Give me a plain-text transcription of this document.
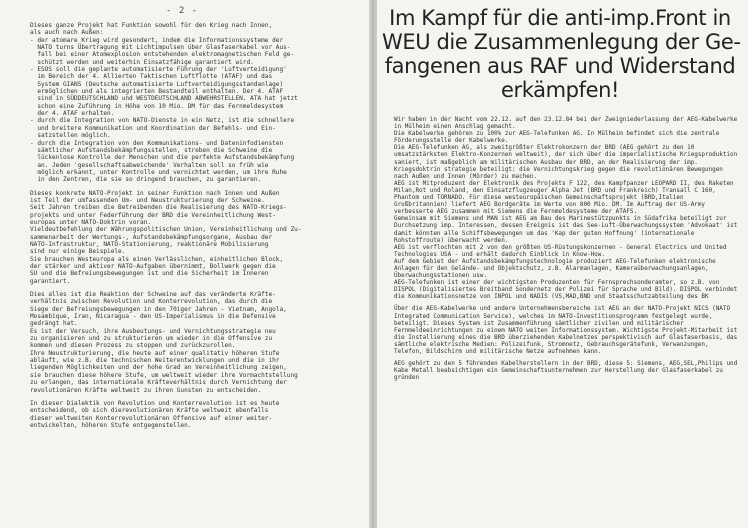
- 2 -
Dieses ganze Projekt hat Funktion sowohl für den Krieg nach Innen,
als auch nach Außen:
- der atomare Krieg wird gesondert, indem die Informationssysteme der
NATO turns Übertragung mit Lichtimpulsen über Glasfaserkabel vor Aus-
fall bei einer Atomexplosion entstehenden elektromagnetischen Feld ge-
schützt werden und weiterhin Einsatzfähige garantiert wird.
- ESOS soll die geplante automatisierte Führung der 'Luftverteidigung'
im Bereich der 4. Allierten Taktischen Luftflotte (ATAF) und das
System GIANS (Deutsche automatisierte Luftverteidigungsstandanlage)
ermöglichen und als integrierten Bestandteil enthalten. Der 4. ATAF
sind in SÜDDEUTSCHLAND und WESTDEUTSCHLAND ABWEHRSTELLEN. ATA hat jetzt
schon eine Zuführung in Höhe von 10 Mio. DM für das Fernmeldesystem
der 4. ATAF erhalten.
- durch die Integration von NATO-Dienste in ein Netz, ist die schnellere
und breitere Kommunikation und Koordination der Befehls- und Ein-
satzstellen möglich.
- durch die Integration von den Kommunikations- und Dateninfodiensten
sämtlicher Aufstandsbekämpfungsstellen, streben die Schweine die
lückenlose Kontrolle der Menschen und die perfekte Aufstandsbekämpfung
an. Jeden 'gesellschaftsabweichende' Verhalten soll so früh wie
möglich erkannt, unter Kontrolle und vernichtet werden, um ihre Ruhe
in den Zentren, die sie so dringend brauchen, zu garantieren.
Dieses konkrete NATO-Projekt in seiner Funktion nach Innen und Außen
ist Teil der umfassenden Um- und Neustrukturierung der Schweine.
Seit Jahren treiben die Betreibenden die Realisierung des NATO-Kriegs-
projekts und unter Federführung der BRD die Vereinheitlichung West-
europas unter NATO-Doktrin voran.
Vieldeutbefehlung der Währungspolitischen Union, Vereinheitlichung und Zu-
sammenarbeit der Wertungs-, Aufstandsbekämpfungsorgane, Ausbau der
NATO-Infrastruktur, NATO-Stationierung, reaktionäre Mobilisierung
sind nur einige Beispiele.
Sie brauchen Westeuropa als einen Verlässlichen, einheitlichen Block,
der stärker und aktiver NATO-Aufgaben übernimmt, Bollwerk gegen die
SU und die Befreiungsbewegungen ist und die Sicherheit im Inneren
garantiert.
Dies alles ist die Reaktion der Schweine auf das veränderte Kräfte-
verhältnis zwischen Revolution und Konterrevolution, das durch die
Siege der Befreiungsbewegungen in den 70iger Jahren - Vietnam, Angola,
Mosambique, Iran, Nicaragua - den US-Imperialismus in die Defensive
gedrängt hat.
Es ist der Versuch, ihre Ausbeutungs- und Vernichtungsstrategie neu
zu organisieren und zu strukturieren um wieder in die Offensive zu
kommen und diesen Prozess zu stoppen und zurückzurollen.
Ihre Neustrukturierung, die heute auf einer qualitativ höheren Stufe
abläuft, wie z.B. die technischen Weiterentwicklungen und die in ihr
liegenden Möglichkeiten und der hohe Grad an Vereinheitlichung zeigen,
sie brauchen diese höhere Stufe, um weltweit wieder ihre Vormachtstellung
zu erlangen, das internationale Kräfteverhältnis durch Vernichtung der
revolutionären Kräfte weltweit zu ihren Gunsten zu entscheiden.
In dieser Dialektik von Revolution und Konterrevolution ist es heute
entscheidend, ob sich dierevolutionären Kräfte weltweit ebenfalls
dieser weltweiten Konterrevolutionären Offensive auf einer weiter-
entwickelten, höheren Stufe entgegenstellen.
Im Kampf für die anti-imp.Front in
WEU die Zusammenlegung der Ge-
fangenen aus RAF und Widerstand
erkämpfen!
Wir haben in der Nacht vom 22.12. auf den 23.12.84 bei der Zweigniederlassung der AEG-Kabelwerke in Mülheim einen Anschlag gemacht.
Die Kabelwerke gehören zu 100% zur AEG-Telefunken AG. In Mülheim befindet sich die zentrale Förderungsstelle der Kabelwerke.
Die AEG-Telefunken AG, als zweitgrößter Elektrokonzern der BRD (AEG gehört zu den 10 umsatzstärksten Elektro-Konzernen weltweit), der sich über die imperialistische Kriegsproduktion saniert, ist maßgeblich am militärischen Ausbau der BRD, an der Realisierung der imp. Kriegsdoktrin strategie beteiligt: die Vernichtungskrieg gegen die revolutionären Bewegungen nach Außen und Innen (Mörder) zu machen.
AEG ist Mitproduzent der Elektronik des Projekts F 122, des Kampfpanzer LEOPARD II, des Raketen Milan,Rot und Roland, den Einsatzflugzeuger Alpha Jet (BRD und Frankreich) Transall C 160, Phantom und TORNADO. Für diese westeuropäischen Gemeinschaftsprojekt (BRD,Italien Großbritannien) liefert AEG Bordgeräte im Werte von 800 Mio. DM. Im Auftrag der US-Army verbesserte AEG zusammen mit Siemens die Fernmeldesysteme der ATAFS.
Gemeinsam mit Siemens und MAN ist AEG am Bau des Marinestützpunkts in Südafrika beteiligt zur Durchsetzung imp. Interessen, dessen Ereignis ist das See-Luft-Überwachungssystem 'Advokaat' ist damit könnten alle Schiffsbewegungen um das 'Kap der guten Hoffnung' (internationale Rohstoffroute) überwacht werden.
AEG ist verflochten mit 2 von den größten US-Rüstungskonzernen - General Electrics und United Technologies USA - und erhält dadurch Einblick in Know-How.
Auf dem Gebiet der Aufstandsbekämpfungstechnologie produziert AEG-Telefunken elektronische Anlagen für den Gelände- und Objektschutz, z.B. Alarmanlagen, Kameraüberwachungsanlagen, Überwachungsstationen usw.
AEG-Telefunken ist einer der wichtigsten Produzenten für Fernsprechsonderamter, so z.B. von DISPOL (Digitalisiertes Breitband Sondernetz der Polizei für Sprache und Bild). DISPOL verbindet die Kommunikationsnetze von INPOL und NADIS (VS,MAD,BND und Staatsschutzabteilung des BK
Über die AEG-Kabelwerke und andere Unternehmensbereiche ist AEG an der NATO-Projekt NICS (NATO Integrated Communication Service), welches im NATO-Investitionsprogramm festgelegt wurde, beteiligt. Dieses System ist Zusammenführung sämtlicher zivilen und militärischer Fernmeldeeinrichtungen zu einem NATO weiten Informationssystem. Wichtigste Projekt-Mitarbeit ist die Installierung eines die BRD überziehenden Kabelnetzes perspektivisch auf Glasfaserbasis, das sämtliche elektrische Medien: Polizeifunk, Stromnetz, Gebrauchsgerätefunk, Verwanzungen, Telefon, Bildschirm und militärische Netze aufnehmen kann.
AEG gehört zu den 5 führenden Kabelherstellern in der BRD, diese 5: Siemens, AEG,SEL,Philips und Kabe Metall beabsichtigen ein Gemeinschaftsunternehmen zur Herstellung der Glasfaserkabel zu gründen
